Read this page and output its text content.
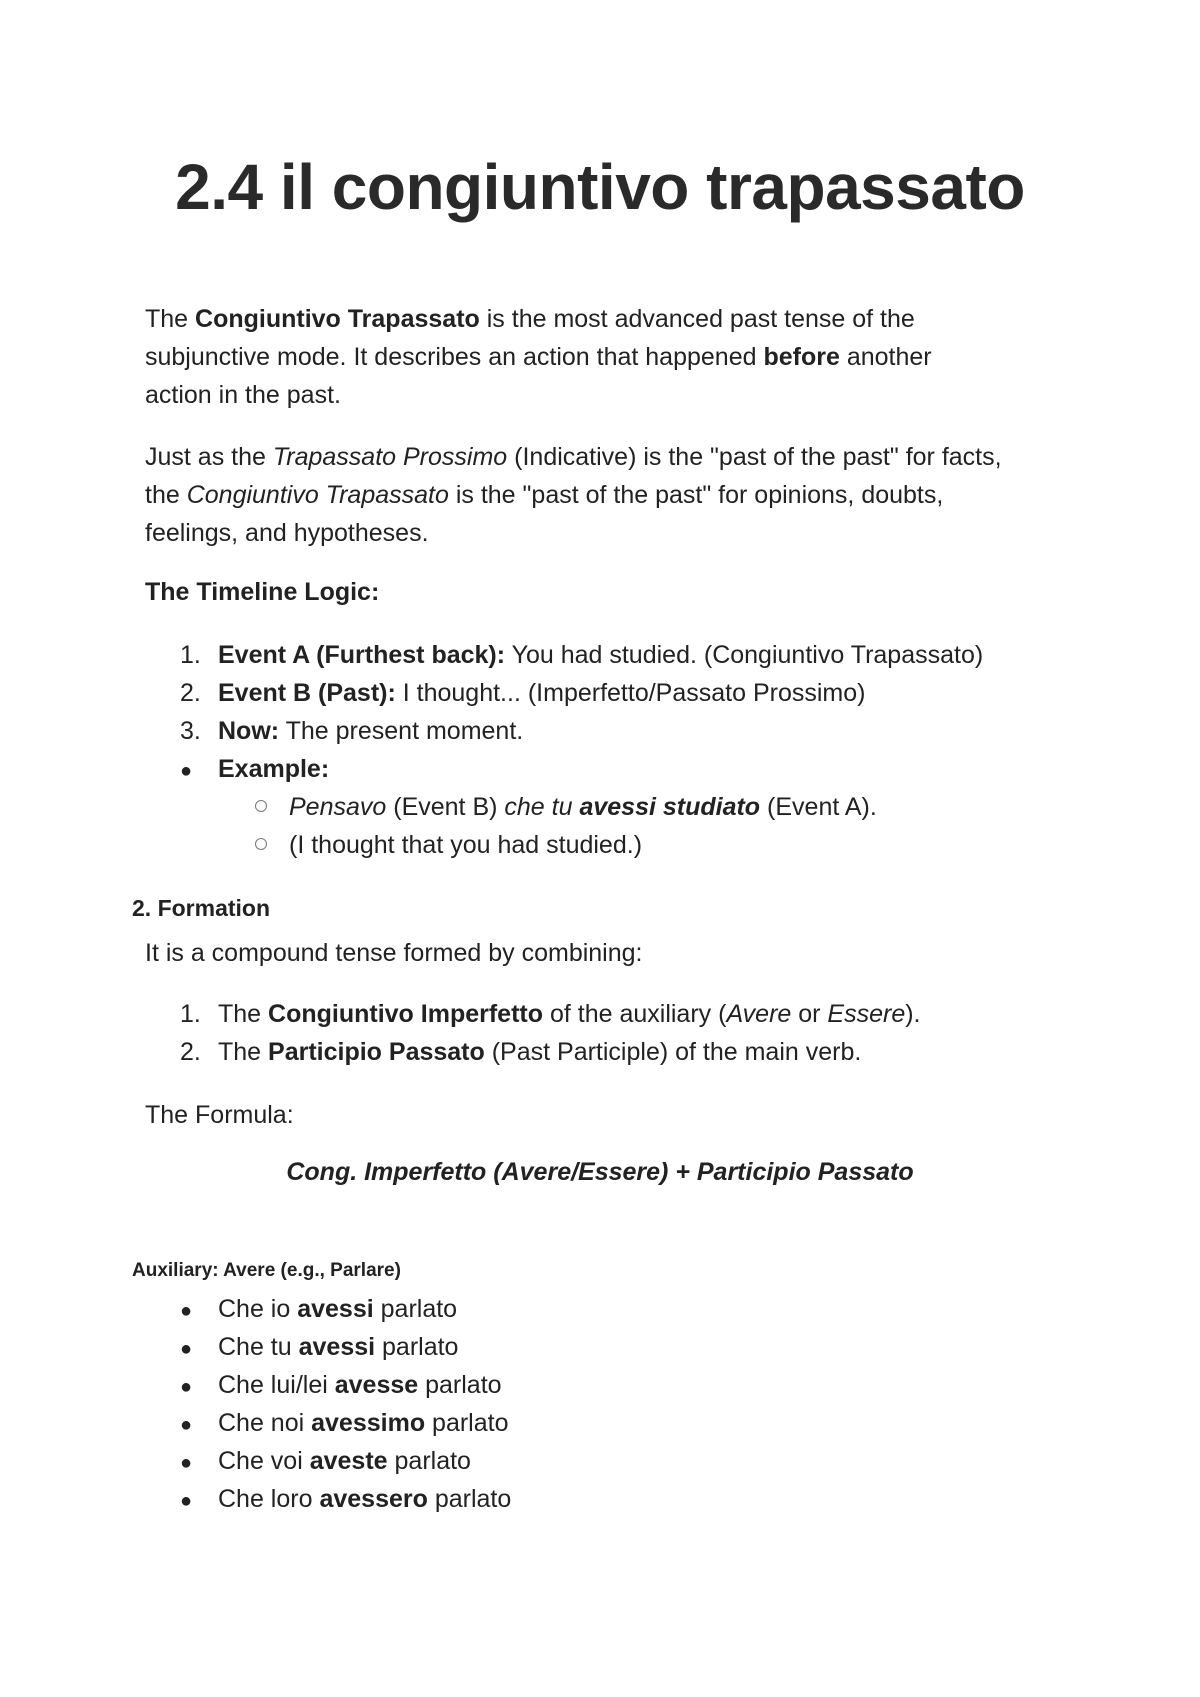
2.4 il congiuntivo trapassato

The Congiuntivo Trapassato is the most advanced past tense of the
subjunctive mode. It describes an action that happened before another
action in the past.

Just as the Trapassato Prossimo (Indicative) is the "past of the past" for facts,
the Congiuntivo Trapassato is the "past of the past" for opinions, doubts,
feelings, and hypotheses.

The Timeline Logic:

1. Event A (Furthest back): You had studied. (Congiuntivo Trapassato)
2. Event B (Past): I thought... (Imperfetto/Passato Prossimo)
3. Now: The present moment.
● Example:
Pensavo (Event B) che tu avessi studiato (Event A).
(I thought that you had studied.)

2. Formation

It is a compound tense formed by combining:

1. The Congiuntivo Imperfetto of the auxiliary (Avere or Essere).
2. The Participio Passato (Past Participle) of the main verb.

The Formula:

Cong. Imperfetto (Avere/Essere) + Participio Passato

Auxiliary: Avere (e.g., Parlare)

● Che io avessi parlato
● Che tu avessi parlato
● Che lui/lei avesse parlato
● Che noi avessimo parlato
● Che voi aveste parlato
● Che loro avessero parlato
